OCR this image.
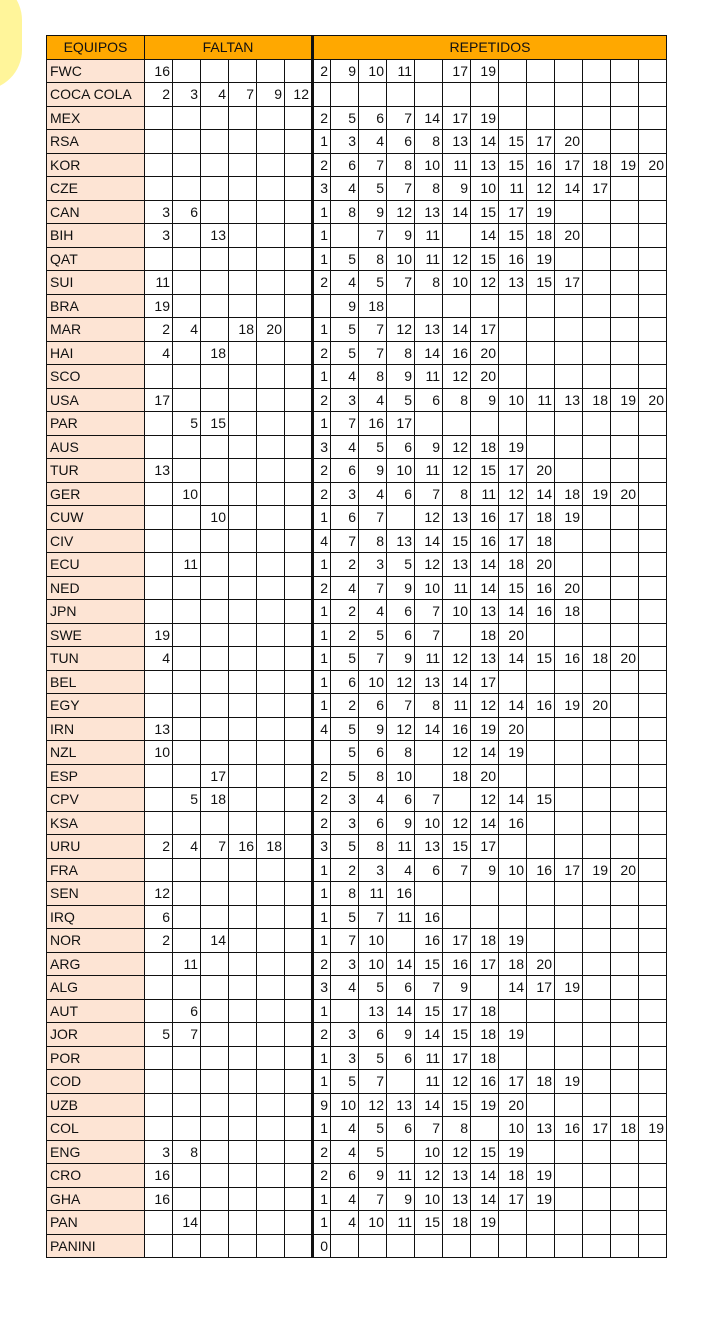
EQUIPOS	FALTAN						REPETIDOS												
FWC	16						2	9	10	11		17	19						
COCA COLA	2	3	4	7	9	12													
MEX							2	5	6	7	14	17	19						
RSA							1	3	4	6	8	13	14	15	17	20			
KOR							2	6	7	8	10	11	13	15	16	17	18	19	20
CZE							3	4	5	7	8	9	10	11	12	14	17		
CAN	3	6					1	8	9	12	13	14	15	17	19				
BIH	3		13				1		7	9	11		14	15	18	20			
QAT							1	5	8	10	11	12	15	16	19				
SUI	11						2	4	5	7	8	10	12	13	15	17			
BRA	19							9	18										
MAR	2	4		18	20		1	5	7	12	13	14	17						
HAI	4		18				2	5	7	8	14	16	20						
SCO							1	4	8	9	11	12	20						
USA	17						2	3	4	5	6	8	9	10	11	13	18	19	20
PAR		5	15				1	7	16	17									
AUS							3	4	5	6	9	12	18	19					
TUR	13						2	6	9	10	11	12	15	17	20				
GER		10					2	3	4	6	7	8	11	12	14	18	19	20	
CUW			10				1	6	7		12	13	16	17	18	19			
CIV							4	7	8	13	14	15	16	17	18				
ECU		11					1	2	3	5	12	13	14	18	20				
NED							2	4	7	9	10	11	14	15	16	20			
JPN							1	2	4	6	7	10	13	14	16	18			
SWE	19						1	2	5	6	7		18	20					
TUN	4						1	5	7	9	11	12	13	14	15	16	18	20	
BEL							1	6	10	12	13	14	17						
EGY							1	2	6	7	8	11	12	14	16	19	20		
IRN	13						4	5	9	12	14	16	19	20					
NZL	10							5	6	8		12	14	19					
ESP			17				2	5	8	10		18	20						
CPV		5	18				2	3	4	6	7		12	14	15				
KSA							2	3	6	9	10	12	14	16					
URU	2	4	7	16	18		3	5	8	11	13	15	17						
FRA							1	2	3	4	6	7	9	10	16	17	19	20	
SEN	12						1	8	11	16									
IRQ	6						1	5	7	11	16								
NOR	2		14				1	7	10		16	17	18	19					
ARG		11					2	3	10	14	15	16	17	18	20				
ALG							3	4	5	6	7	9		14	17	19			
AUT		6					1		13	14	15	17	18						
JOR	5	7					2	3	6	9	14	15	18	19					
POR							1	3	5	6	11	17	18						
COD							1	5	7		11	12	16	17	18	19			
UZB							9	10	12	13	14	15	19	20					
COL							1	4	5	6	7	8		10	13	16	17	18	19
ENG	3	8					2	4	5		10	12	15	19					
CRO	16						2	6	9	11	12	13	14	18	19				
GHA	16						1	4	7	9	10	13	14	17	19				
PAN		14					1	4	10	11	15	18	19						
PANINI							0												
